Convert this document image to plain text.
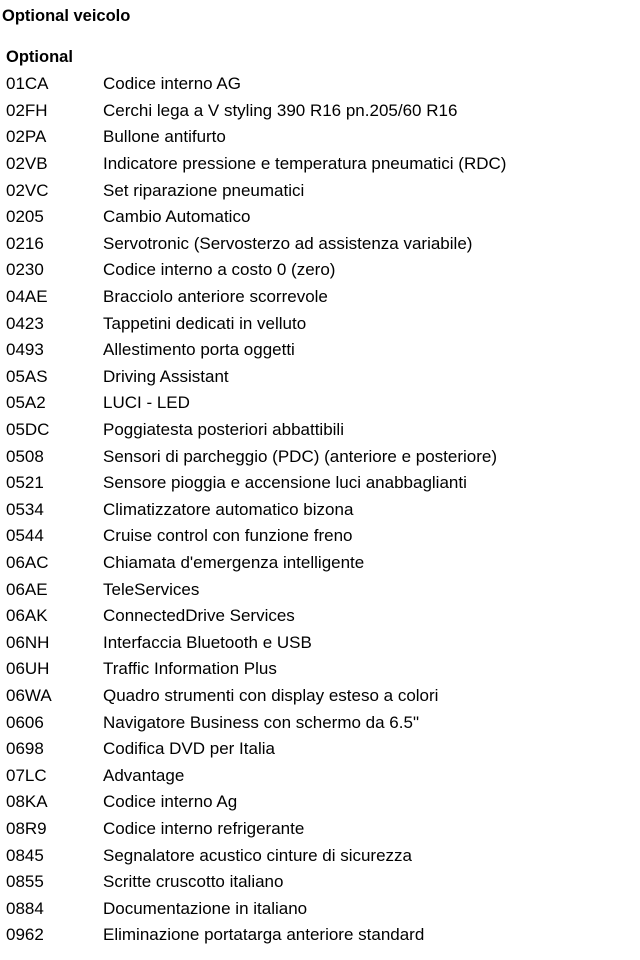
Optional veicolo
Optional
01CA	Codice interno AG
02FH	Cerchi lega a V styling 390 R16 pn.205/60 R16
02PA	Bullone antifurto
02VB	Indicatore pressione e temperatura pneumatici (RDC)
02VC	Set riparazione pneumatici
0205	Cambio Automatico
0216	Servotronic (Servosterzo ad assistenza variabile)
0230	Codice interno a costo 0 (zero)
04AE	Bracciolo anteriore scorrevole
0423	Tappetini dedicati in velluto
0493	Allestimento porta oggetti
05AS	Driving Assistant
05A2	LUCI - LED
05DC	Poggiatesta posteriori abbattibili
0508	Sensori di parcheggio (PDC) (anteriore e posteriore)
0521	Sensore pioggia e accensione luci anabbaglianti
0534	Climatizzatore automatico bizona
0544	Cruise control con funzione freno
06AC	Chiamata d'emergenza intelligente
06AE	TeleServices
06AK	ConnectedDrive Services
06NH	Interfaccia Bluetooth e USB
06UH	Traffic Information Plus
06WA	Quadro strumenti con display esteso a colori
0606	Navigatore Business con schermo da 6.5"
0698	Codifica DVD per Italia
07LC	Advantage
08KA	Codice interno Ag
08R9	Codice interno refrigerante
0845	Segnalatore acustico cinture di sicurezza
0855	Scritte cruscotto italiano
0884	Documentazione in italiano
0962	Eliminazione portatarga anteriore standard
